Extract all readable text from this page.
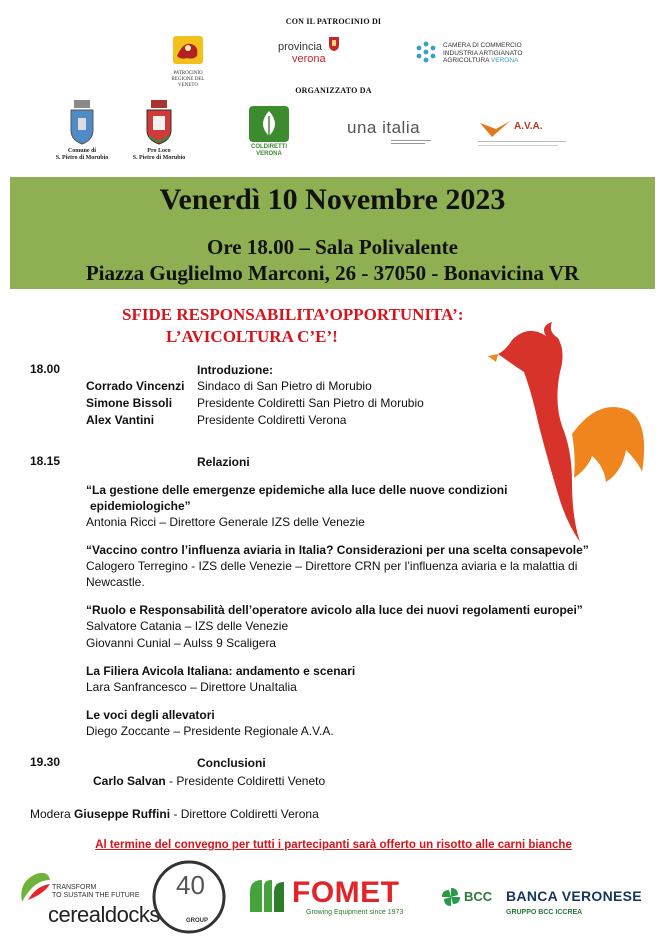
CON IL PATROCINIO DI
PATROCINIO
REGIONE DEL VENETO
provincia
verona
CAMERA DI COMMERCIO
INDUSTRIA ARTIGIANATO
AGRICOLTURA VERONA
ORGANIZZATO DA
Comune di
S. Pietro di Morubio
Pro Loco
S. Pietro di Morubio
COLDIRETTI
VERONA
una italia	A.V.A.
Venerdì 10 Novembre 2023
Ore 18.00 – Sala Polivalente
Piazza Guglielmo Marconi, 26 - 37050 - Bonavicina VR
SFIDE RESPONSABILITA’OPPORTUNITA’:
L’AVICOLTURA C’E’!
18.00	Introduzione:
Corrado Vincenzi Sindaco di San Pietro di Morubio
Simone Bissoli Presidente Coldiretti San Pietro di Morubio
Alex Vantini	Presidente Coldiretti Verona
18.15	Relazioni
“La gestione delle emergenze epidemiche alla luce delle nuove condizioni
epidemiologiche”
Antonia Ricci – Direttore Generale IZS delle Venezie
“Vaccino contro l’influenza aviaria in Italia? Considerazioni per una scelta consapevole”
Calogero Terregino - IZS delle Venezie – Direttore CRN per l’influenza aviaria e la malattia di
Newcastle.
“Ruolo e Responsabilità dell’operatore avicolo alla luce dei nuovi regolamenti europei”
Salvatore Catania – IZS delle Venezie
Giovanni Cunial – Aulss 9 Scaligera
La Filiera Avicola Italiana: andamento e scenari
Lara Sanfrancesco – Direttore UnaItalia
Le voci degli allevatori
Diego Zoccante – Presidente Regionale A.V.A.
19.30	Conclusioni
Carlo Salvan - Presidente Coldiretti Veneto
Modera Giuseppe Ruffini - Direttore Coldiretti Verona
Al termine del convegno per tutti i partecipanti sarà offerto un risotto alle carni bianche
TRANSFORM
TO SUSTAIN THE FUTURE
cerealdocks
40
GROUP
FOMET
Growing Equipment since 1973
BCC BANCA VERONESE
GRUPPO BCC ICCREA
